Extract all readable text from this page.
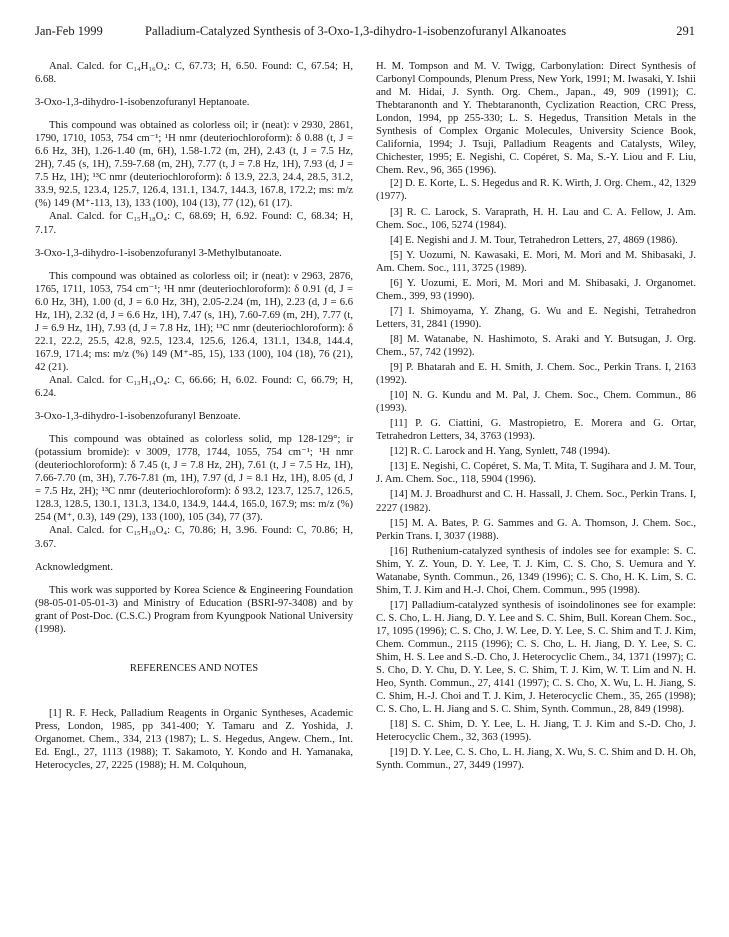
Jan-Feb 1999	Palladium-Catalyzed Synthesis of 3-Oxo-1,3-dihydro-1-isobenzofuranyl Alkanoates	291

Anal. Calcd. for C₁₄H₁₆O₄: C, 67.73; H, 6.50. Found: C, 67.54; H, 6.68.

3-Oxo-1,3-dihydro-1-isobenzofuranyl Heptanoate.

This compound was obtained as colorless oil; ir (neat): ν 2930, 2861, 1790, 1710, 1053, 754 cm⁻¹; ¹H nmr (deuteriochloroform): δ 0.88 (t, J = 6.6 Hz, 3H), 1.26-1.40 (m, 6H), 1.58-1.72 (m, 2H), 2.43 (t, J = 7.5 Hz, 2H), 7.45 (s, 1H), 7.59-7.68 (m, 2H), 7.77 (t, J = 7.8 Hz, 1H), 7.93 (d, J = 7.5 Hz, 1H); ¹³C nmr (deuteriochloroform): δ 13.9, 22.3, 24.4, 28.5, 31.2, 33.9, 92.5, 123.4, 125.7, 126.4, 131.1, 134.7, 144.3, 167.8, 172.2; ms: m/z (%) 149 (M⁺-113, 13), 133 (100), 104 (13), 77 (12), 61 (17).

Anal. Calcd. for C₁₅H₁₈O₄: C, 68.69; H, 6.92. Found: C, 68.34; H, 7.17.

3-Oxo-1,3-dihydro-1-isobenzofuranyl 3-Methylbutanoate.

This compound was obtained as colorless oil; ir (neat): ν 2963, 2876, 1765, 1711, 1053, 754 cm⁻¹; ¹H nmr (deuteriochloroform): δ 0.91 (d, J = 6.0 Hz, 3H), 1.00 (d, J = 6.0 Hz, 3H), 2.05-2.24 (m, 1H), 2.23 (d, J = 6.6 Hz, 1H), 2.32 (d, J = 6.6 Hz, 1H), 7.47 (s, 1H), 7.60-7.69 (m, 2H), 7.77 (t, J = 6.9 Hz, 1H), 7.93 (d, J = 7.8 Hz, 1H); ¹³C nmr (deuteriochloroform): δ 22.1, 22.2, 25.5, 42.8, 92.5, 123.4, 125.6, 126.4, 131.1, 134.8, 144.4, 167.9, 171.4; ms: m/z (%) 149 (M⁺-85, 15), 133 (100), 104 (18), 76 (21), 42 (21).

Anal. Calcd. for C₁₃H₁₄O₄: C, 66.66; H, 6.02. Found: C, 66.79; H, 6.24.

3-Oxo-1,3-dihydro-1-isobenzofuranyl Benzoate.

This compound was obtained as colorless solid, mp 128-129°; ir (potassium bromide): ν 3009, 1778, 1744, 1055, 754 cm⁻¹; ¹H nmr (deuteriochloroform): δ 7.45 (t, J = 7.8 Hz, 2H), 7.61 (t, J = 7.5 Hz, 1H), 7.66-7.70 (m, 3H), 7.76-7.81 (m, 1H), 7.97 (d, J = 8.1 Hz, 1H), 8.05 (d, J = 7.5 Hz, 2H); ¹³C nmr (deuteriochloroform): δ 93.2, 123.7, 125.7, 126.5, 128.3, 128.5, 130.1, 131.3, 134.0, 134.9, 144.4, 165.0, 167.9; ms: m/z (%) 254 (M⁺, 0.3), 149 (29), 133 (100), 105 (34), 77 (37).

Anal. Calcd. for C₁₅H₁₀O₄: C, 70.86; H, 3.96. Found: C, 70.86; H, 3.67.

Acknowledgment.

This work was supported by Korea Science & Engineering Foundation (98-05-01-05-01-3) and Ministry of Education (BSRI-97-3408) and by grant of Post-Doc. (C.S.C.) Program from Kyungpook National University (1998).

REFERENCES AND NOTES

[1] R. F. Heck, Palladium Reagents in Organic Syntheses, Academic Press, London, 1985, pp 341-400; Y. Tamaru and Z. Yoshida, J. Organomet. Chem., 334, 213 (1987); L. S. Hegedus, Angew. Chem., Int. Ed. Engl., 27, 1113 (1988); T. Sakamoto, Y. Kondo and H. Yamanaka, Heterocycles, 27, 2225 (1988); H. M. Colquhoun,

H. M. Tompson and M. V. Twigg, Carbonylation: Direct Synthesis of Carbonyl Compounds, Plenum Press, New York, 1991; M. Iwasaki, Y. Ishii and M. Hidai, J. Synth. Org. Chem., Japan., 49, 909 (1991); C. Thebtaranonth and Y. Thebtaranonth, Cyclization Reaction, CRC Press, London, 1994, pp 255-330; L. S. Hegedus, Transition Metals in the Synthesis of Complex Organic Molecules, University Science Book, California, 1994; J. Tsuji, Palladium Reagents and Catalysts, Wiley, Chichester, 1995; E. Negishi, C. Copéret, S. Ma, S.-Y. Liou and F. Liu, Chem. Rev., 96, 365 (1996).

[2] D. E. Korte, L. S. Hegedus and R. K. Wirth, J. Org. Chem., 42, 1329 (1977).

[3] R. C. Larock, S. Varaprath, H. H. Lau and C. A. Fellow, J. Am. Chem. Soc., 106, 5274 (1984).

[4] E. Negishi and J. M. Tour, Tetrahedron Letters, 27, 4869 (1986).

[5] Y. Uozumi, N. Kawasaki, E. Mori, M. Mori and M. Shibasaki, J. Am. Chem. Soc., 111, 3725 (1989).

[6] Y. Uozumi, E. Mori, M. Mori and M. Shibasaki, J. Organomet. Chem., 399, 93 (1990).

[7] I. Shimoyama, Y. Zhang, G. Wu and E. Negishi, Tetrahedron Letters, 31, 2841 (1990).

[8] M. Watanabe, N. Hashimoto, S. Araki and Y. Butsugan, J. Org. Chem., 57, 742 (1992).

[9] P. Bhatarah and E. H. Smith, J. Chem. Soc., Perkin Trans. I, 2163 (1992).

[10] N. G. Kundu and M. Pal, J. Chem. Soc., Chem. Commun., 86 (1993).

[11] P. G. Ciattini, G. Mastropietro, E. Morera and G. Ortar, Tetrahedron Letters, 34, 3763 (1993).

[12] R. C. Larock and H. Yang, Synlett, 748 (1994).

[13] E. Negishi, C. Copéret, S. Ma, T. Mita, T. Sugihara and J. M. Tour, J. Am. Chem. Soc., 118, 5904 (1996).

[14] M. J. Broadhurst and C. H. Hassall, J. Chem. Soc., Perkin Trans. I, 2227 (1982).

[15] M. A. Bates, P. G. Sammes and G. A. Thomson, J. Chem. Soc., Perkin Trans. I, 3037 (1988).

[16] Ruthenium-catalyzed synthesis of indoles see for example: S. C. Shim, Y. Z. Youn, D. Y. Lee, T. J. Kim, C. S. Cho, S. Uemura and Y. Watanabe, Synth. Commun., 26, 1349 (1996); C. S. Cho, H. K. Lim, S. C. Shim, T. J. Kim and H.-J. Choi, Chem. Commun., 995 (1998).

[17] Palladium-catalyzed synthesis of isoindolinones see for example: C. S. Cho, L. H. Jiang, D. Y. Lee and S. C. Shim, Bull. Korean Chem. Soc., 17, 1095 (1996); C. S. Cho, J. W. Lee, D. Y. Lee, S. C. Shim and T. J. Kim, Chem. Commun., 2115 (1996); C. S. Cho, L. H. Jiang, D. Y. Lee, S. C. Shim, H. S. Lee and S.-D. Cho, J. Heterocyclic Chem., 34, 1371 (1997); C. S. Cho, D. Y. Chu, D. Y. Lee, S. C. Shim, T. J. Kim, W. T. Lim and N. H. Heo, Synth. Commun., 27, 4141 (1997); C. S. Cho, X. Wu, L. H. Jiang, S. C. Shim, H.-J. Choi and T. J. Kim, J. Heterocyclic Chem., 35, 265 (1998); C. S. Cho, L. H. Jiang and S. C. Shim, Synth. Commun., 28, 849 (1998).

[18] S. C. Shim, D. Y. Lee, L. H. Jiang, T. J. Kim and S.-D. Cho, J. Heterocyclic Chem., 32, 363 (1995).

[19] D. Y. Lee, C. S. Cho, L. H. Jiang, X. Wu, S. C. Shim and D. H. Oh, Synth. Commun., 27, 3449 (1997).
